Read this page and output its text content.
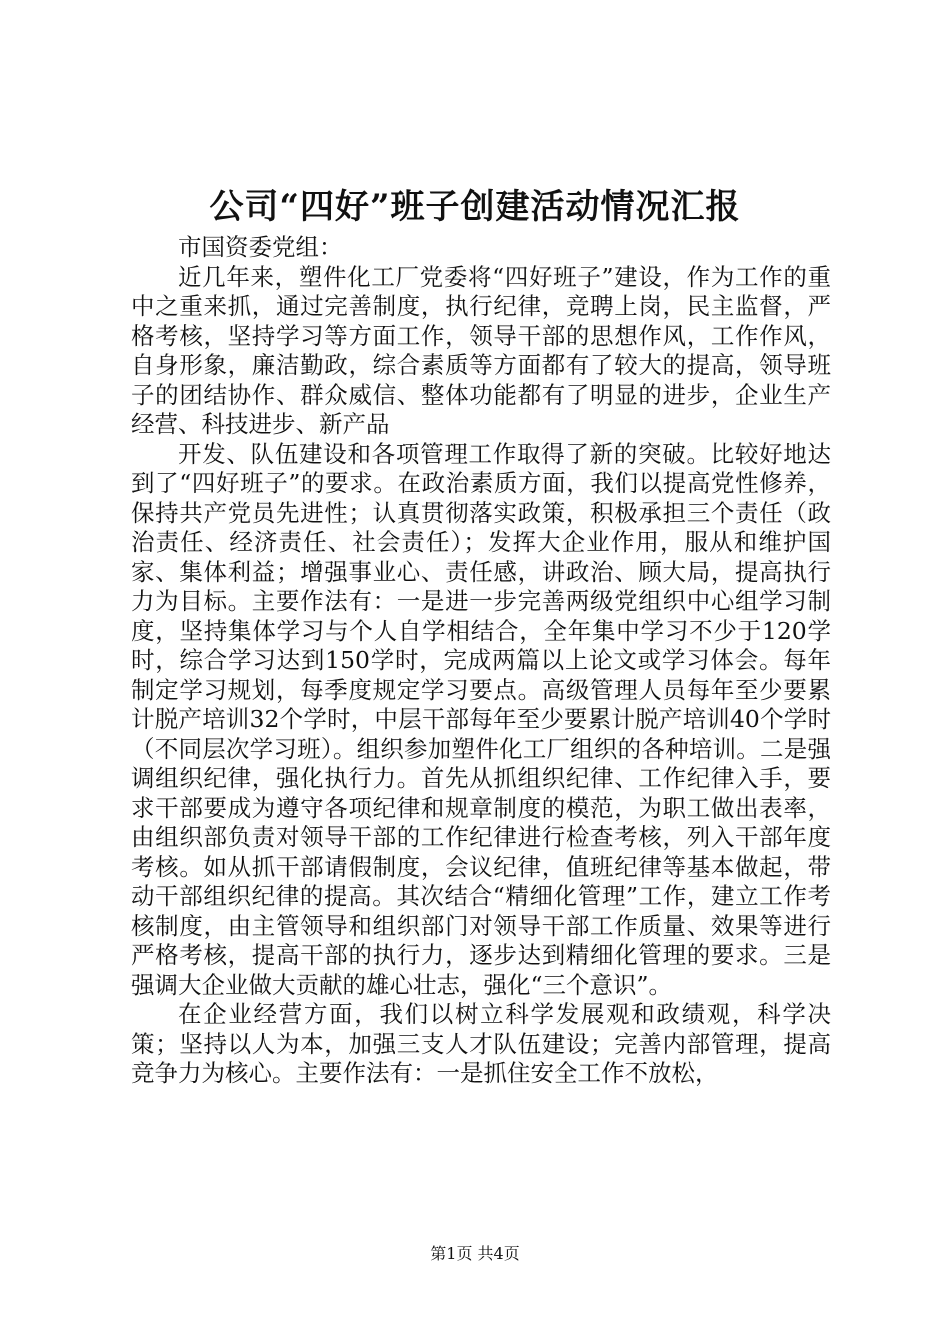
公司“四好”班子创建活动情况汇报

市国资委党组：

近几年来，塑件化工厂党委将“四好班子”建设，作为工作的重中之重来抓，通过完善制度，执行纪律，竞聘上岗，民主监督，严格考核，坚持学习等方面工作，领导干部的思想作风，工作作风，自身形象，廉洁勤政，综合素质等方面都有了较大的提高，领导班子的团结协作、群众威信、整体功能都有了明显的进步，企业生产经营、科技进步、新产品

开发、队伍建设和各项管理工作取得了新的突破。比较好地达到了“四好班子”的要求。在政治素质方面，我们以提高党性修养，保持共产党员先进性；认真贯彻落实政策，积极承担三个责任（政治责任、经济责任、社会责任）；发挥大企业作用，服从和维护国家、集体利益；增强事业心、责任感，讲政治、顾大局，提高执行力为目标。主要作法有：一是进一步完善两级党组织中心组学习制度，坚持集体学习与个人自学相结合，全年集中学习不少于120学时，综合学习达到150学时，完成两篇以上论文或学习体会。每年制定学习规划，每季度规定学习要点。高级管理人员每年至少要累计脱产培训32个学时，中层干部每年至少要累计脱产培训40个学时（不同层次学习班）。组织参加塑件化工厂组织的各种培训。二是强调组织纪律，强化执行力。首先从抓组织纪律、工作纪律入手，要求干部要成为遵守各项纪律和规章制度的模范，为职工做出表率，由组织部负责对领导干部的工作纪律进行检查考核，列入干部年度考核。如从抓干部请假制度，会议纪律，值班纪律等基本做起，带动干部组织纪律的提高。其次结合“精细化管理”工作，建立工作考核制度，由主管领导和组织部门对领导干部工作质量、效果等进行严格考核，提高干部的执行力，逐步达到精细化管理的要求。三是强调大企业做大贡献的雄心壮志，强化“三个意识”。

在企业经营方面，我们以树立科学发展观和政绩观，科学决策；坚持以人为本，加强三支人才队伍建设；完善内部管理，提高竞争力为核心。主要作法有：一是抓住安全工作不放松，

第1页 共4页
